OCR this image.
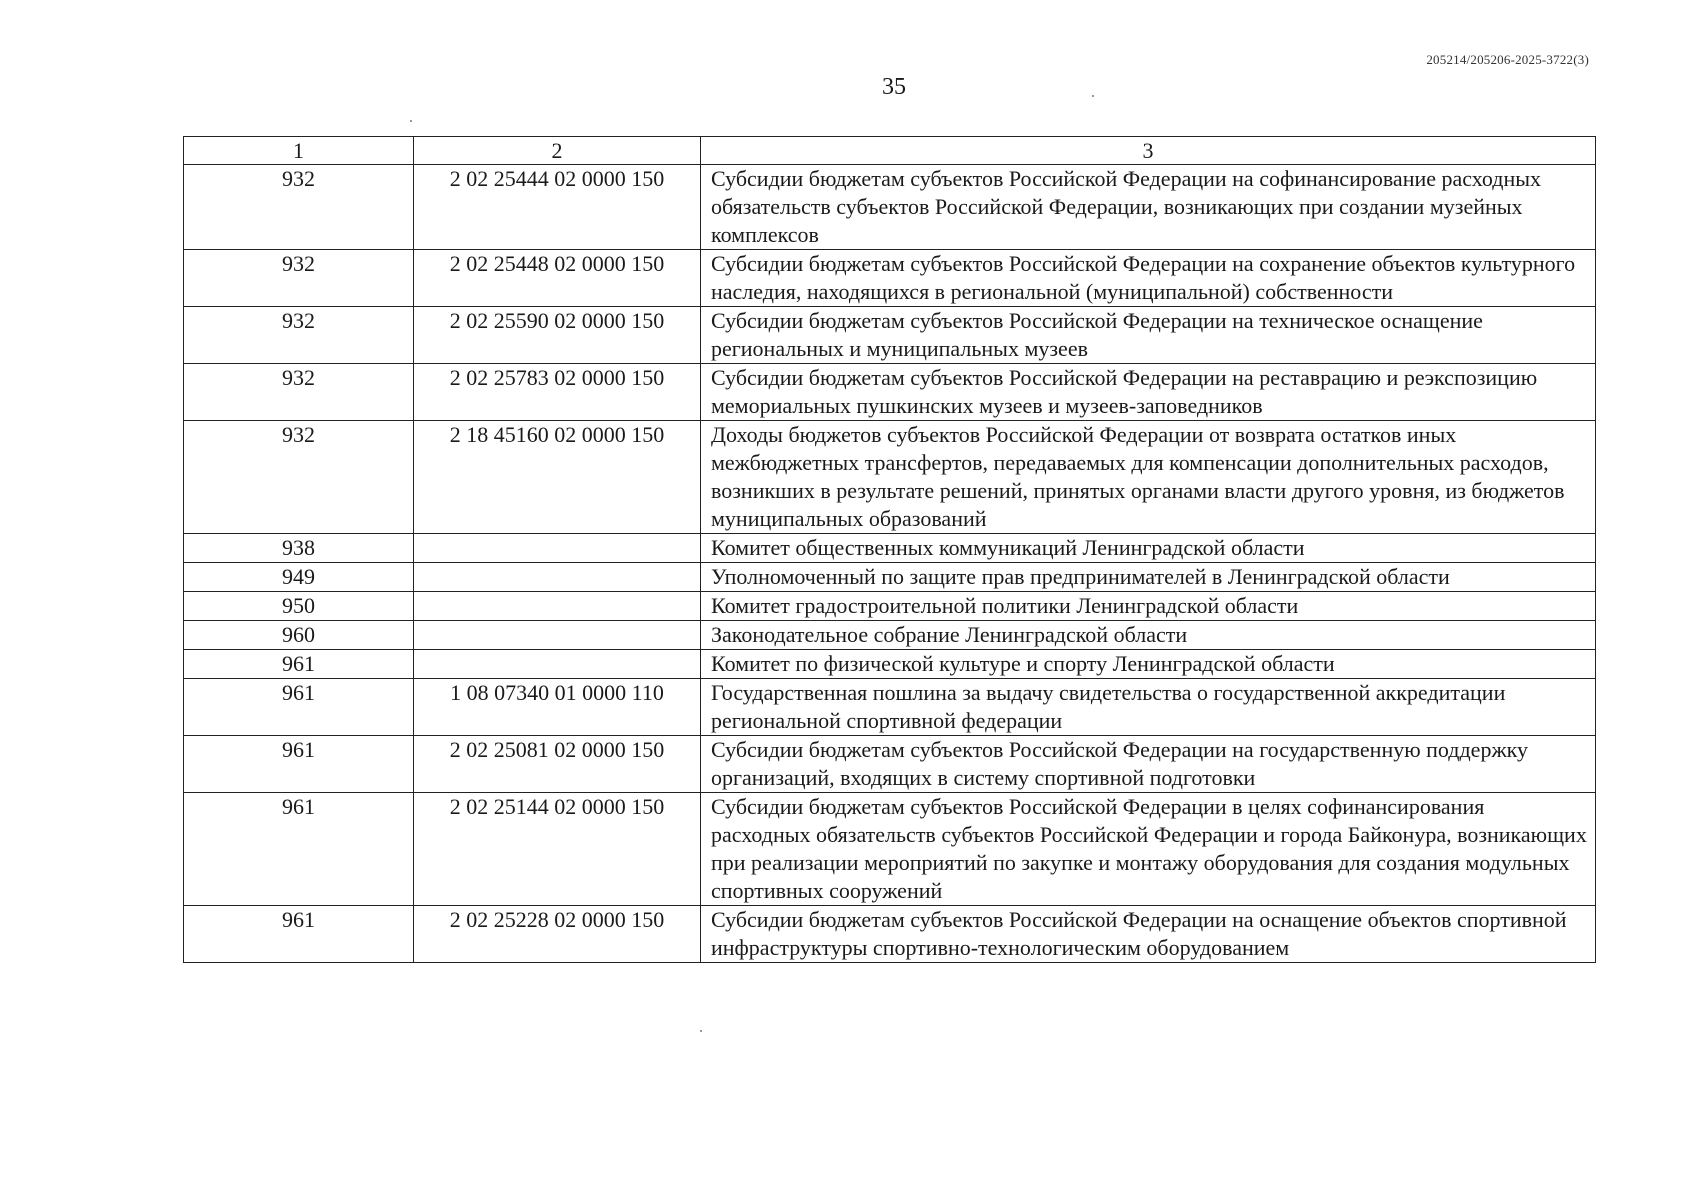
205214/205206-2025-3722(3)
35
1	2	3
932	2 02 25444 02 0000 150	Субсидии бюджетам субъектов Российской Федерации на софинансирование расходных обязательств субъектов Российской Федерации, возникающих при создании музейных комплексов
932	2 02 25448 02 0000 150	Субсидии бюджетам субъектов Российской Федерации на сохранение объектов культурного наследия, находящихся в региональной (муниципальной) собственности
932	2 02 25590 02 0000 150	Субсидии бюджетам субъектов Российской Федерации на техническое оснащение региональных и муниципальных музеев
932	2 02 25783 02 0000 150	Субсидии бюджетам субъектов Российской Федерации на реставрацию и реэкспозицию мемориальных пушкинских музеев и музеев-заповедников
932	2 18 45160 02 0000 150	Доходы бюджетов субъектов Российской Федерации от возврата остатков иных межбюджетных трансфертов, передаваемых для компенсации дополнительных расходов, возникших в результате решений, принятых органами власти другого уровня, из бюджетов муниципальных образований
938		Комитет общественных коммуникаций Ленинградской области
949		Уполномоченный по защите прав предпринимателей в Ленинградской области
950		Комитет градостроительной политики Ленинградской области
960		Законодательное собрание Ленинградской области
961		Комитет по физической культуре и спорту Ленинградской области
961	1 08 07340 01 0000 110	Государственная пошлина за выдачу свидетельства о государственной аккредитации региональной спортивной федерации
961	2 02 25081 02 0000 150	Субсидии бюджетам субъектов Российской Федерации на государственную поддержку организаций, входящих в систему спортивной подготовки
961	2 02 25144 02 0000 150	Субсидии бюджетам субъектов Российской Федерации в целях софинансирования расходных обязательств субъектов Российской Федерации и города Байконура, возникающих при реализации мероприятий по закупке и монтажу оборудования для создания модульных спортивных сооружений
961	2 02 25228 02 0000 150	Субсидии бюджетам субъектов Российской Федерации на оснащение объектов спортивной инфраструктуры спортивно-технологическим оборудованием
